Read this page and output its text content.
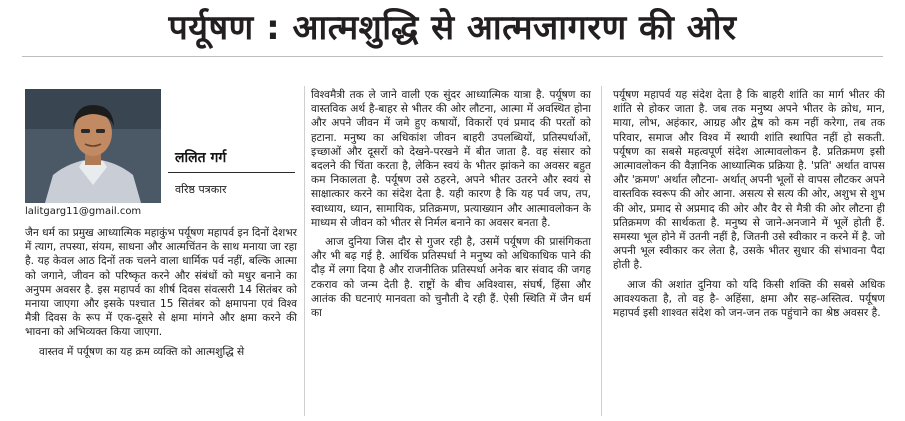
पर्यूषण : आत्मशुद्धि से आत्मजागरण की ओर
ललित गर्ग
वरिष्ठ पत्रकार
lalitgarg11@gmail.com

जैन धर्म का प्रमुख आध्यात्मिक महाकुंभ पर्यूषण महापर्व इन दिनों देशभर में त्याग, तपस्या, संयम, साधना और आत्मचिंतन के साथ मनाया जा रहा है. यह केवल आठ दिनों तक चलने वाला धार्मिक पर्व नहीं, बल्कि आत्मा को जगाने, जीवन को परिष्कृत करने और संबंधों को मधुर बनाने का अनुपम अवसर है. इस महापर्व का शीर्ष दिवस संवत्सरी 14 सितंबर को मनाया जाएगा और इसके पश्चात 15 सितंबर को क्षमापना एवं विश्व मैत्री दिवस के रूप में एक-दूसरे से क्षमा मांगने और क्षमा करने की भावना को अभिव्यक्त किया जाएगा.

वास्तव में पर्यूषण का यह क्रम व्यक्ति को आत्मशुद्धि से

विश्वमैत्री तक ले जाने वाली एक सुंदर आध्यात्मिक यात्रा है. पर्यूषण का वास्तविक अर्थ है-बाहर से भीतर की ओर लौटना, आत्मा में अवस्थित होना और अपने जीवन में जमे हुए कषायों, विकारों एवं प्रमाद की परतों को हटाना. मनुष्य का अधिकांश जीवन बाहरी उपलब्धियों, प्रतिस्पर्धाओं, इच्छाओं और दूसरों को देखने-परखने में बीत जाता है. वह संसार को बदलने की चिंता करता है, लेकिन स्वयं के भीतर झांकने का अवसर बहुत कम निकालता है. पर्यूषण उसे ठहरने, अपने भीतर उतरने और स्वयं से साक्षात्कार करने का संदेश देता है. यही कारण है कि यह पर्व जप, तप, स्वाध्याय, ध्यान, सामायिक, प्रतिक्रमण, प्रत्याख्यान और आत्मावलोकन के माध्यम से जीवन को भीतर से निर्मल बनाने का अवसर बनता है.

आज दुनिया जिस दौर से गुजर रही है, उसमें पर्यूषण की प्रासंगिकता और भी बढ़ गई है. आर्थिक प्रतिस्पर्धा ने मनुष्य को अधिकाधिक पाने की दौड़ में लगा दिया है और राजनीतिक प्रतिस्पर्धा अनेक बार संवाद की जगह टकराव को जन्म देती है. राष्ट्रों के बीच अविश्वास, संघर्ष, हिंसा और आतंक की घटनाएं मानवता को चुनौती दे रही हैं. ऐसी स्थिति में जैन धर्म का

पर्यूषण महापर्व यह संदेश देता है कि बाहरी शांति का मार्ग भीतर की शांति से होकर जाता है. जब तक मनुष्य अपने भीतर के क्रोध, मान, माया, लोभ, अहंकार, आग्रह और द्वेष को कम नहीं करेगा, तब तक परिवार, समाज और विश्व में स्थायी शांति स्थापित नहीं हो सकती. पर्यूषण का सबसे महत्वपूर्ण संदेश आत्मावलोकन है. प्रतिक्रमण इसी आत्मावलोकन की वैज्ञानिक आध्यात्मिक प्रक्रिया है. 'प्रति' अर्थात वापस और 'क्रमण' अर्थात लौटना- अर्थात् अपनी भूलों से वापस लौटकर अपने वास्तविक स्वरूप की ओर आना. असत्य से सत्य की ओर, अशुभ से शुभ की ओर, प्रमाद से अप्रमाद की ओर और वैर से मैत्री की ओर लौटना ही प्रतिक्रमण की सार्थकता है. मनुष्य से जाने-अनजाने में भूलें होती हैं. समस्या भूल होने में उतनी नहीं है, जितनी उसे स्वीकार न करने में है. जो अपनी भूल स्वीकार कर लेता है, उसके भीतर सुधार की संभावना पैदा होती है.

आज की अशांत दुनिया को यदि किसी शक्ति की सबसे अधिक आवश्यकता है, तो वह है- अहिंसा, क्षमा और सह-अस्तित्व. पर्यूषण महापर्व इसी शाश्वत संदेश को जन-जन तक पहुंचाने का श्रेष्ठ अवसर है.
